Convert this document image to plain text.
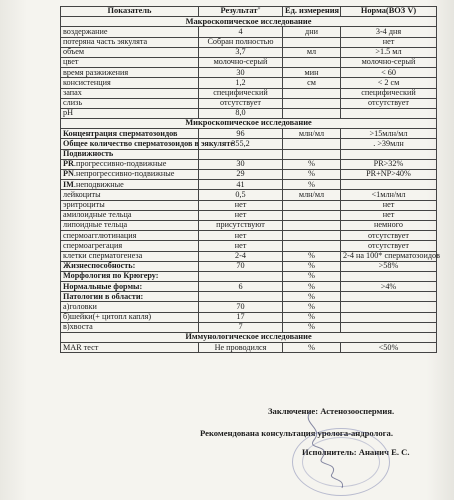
Показатель	Результат*	Ед. измерения	Норма(ВОЗ V)
Макроскопическое исследование			
воздержание	4	дни	3-4 дня
потеряна часть эякулята	Собран полностью		нет
объем	3,7	мл	>1.5 мл
цвет	молочно-серый		молочно-серый
время разжижения	30	мин	< 60
консистенция	1,2	см	< 2 см
запах	специфический		специфический
слизь	отсутствует		отсутствует
pH	8,0		
Микроскопическое исследование			
Концентрация сперматозоидов	96	млн/мл	>15млн/мл
Общее количество сперматозоидов в эякуляте	355,2		. >39млн
Подвижность			
PR.прогрессивно-подвижные	30	%	PR>32%
PN.непрогрессивно-подвижные	29	%	PR+NP>40%
IM.неподвижные	41	%	
лейкоциты	0,5	млн/мл	<1млн/мл
эритроциты	нет		нет
амилоидные тельца	нет		нет
липоидные тельца	присутствуют		немного
спермоагглютинация	нет		отсутствует
спермоагрегация	нет		отсутствует
клетки сперматогенеза	2-4	%	2-4 на 100* сперматозоидов
Жизнеспособность:	70	%	>58%
Морфология по Крюгеру:		%	
Нормальные формы:	6	%	>4%
Патологии в области:		%	
а)головки	70	%	
б)шейки(+ цитопл капля)	17	%	
в)хвоста	7	%	
Иммунологическое исследование			
MAR тест	Не проводился	%	<50%
Заключение: Астенозооспермия.
Рекомендована консультация уролога-андролога.
Исполнитель: Ананич Е. С.
